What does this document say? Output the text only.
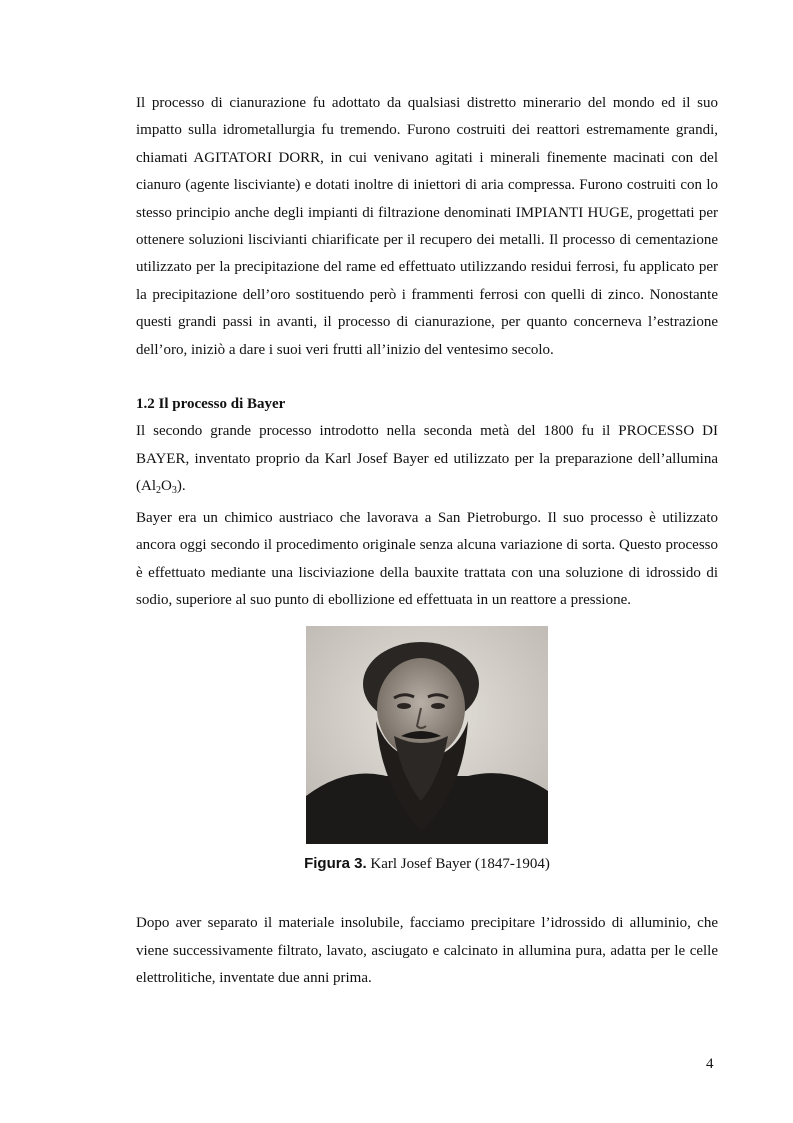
Il processo di cianurazione fu adottato da qualsiasi distretto minerario del mondo ed il suo impatto sulla idrometallurgia fu tremendo. Furono costruiti dei reattori estremamente grandi, chiamati AGITATORI DORR, in cui venivano agitati i minerali finemente macinati con del cianuro (agente lisciviante) e dotati inoltre di iniettori di aria compressa. Furono costruiti con lo stesso principio anche degli impianti di filtrazione denominati IMPIANTI HUGE, progettati per ottenere soluzioni liscivianti chiarificate per il recupero dei metalli. Il processo di cementazione utilizzato per la precipitazione del rame ed effettuato utilizzando residui ferrosi, fu applicato per la precipitazione dell’oro sostituendo però i frammenti ferrosi con quelli di zinco. Nonostante questi grandi passi in avanti, il processo di cianurazione, per quanto concerneva l’estrazione dell’oro, iniziò a dare i suoi veri frutti all’inizio del ventesimo secolo.

1.2 Il processo di Bayer

Il secondo grande processo introdotto nella seconda metà del 1800 fu il PROCESSO DI BAYER, inventato proprio da Karl Josef Bayer ed utilizzato per la preparazione dell’allumina $(Al_2O_3)$.

Bayer era un chimico austriaco che lavorava a San Pietroburgo. Il suo processo è utilizzato ancora oggi secondo il procedimento originale senza alcuna variazione di sorta. Questo processo è effettuato mediante una lisciviazione della bauxite trattata con una soluzione di idrossido di sodio, superiore al suo punto di ebollizione ed effettuata in un reattore a pressione.

Figura 3. Karl Josef Bayer (1847-1904)

Dopo aver separato il materiale insolubile, facciamo precipitare l’idrossido di alluminio, che viene successivamente filtrato, lavato, asciugato e calcinato in allumina pura, adatta per le celle elettrolitiche, inventate due anni prima.

4
